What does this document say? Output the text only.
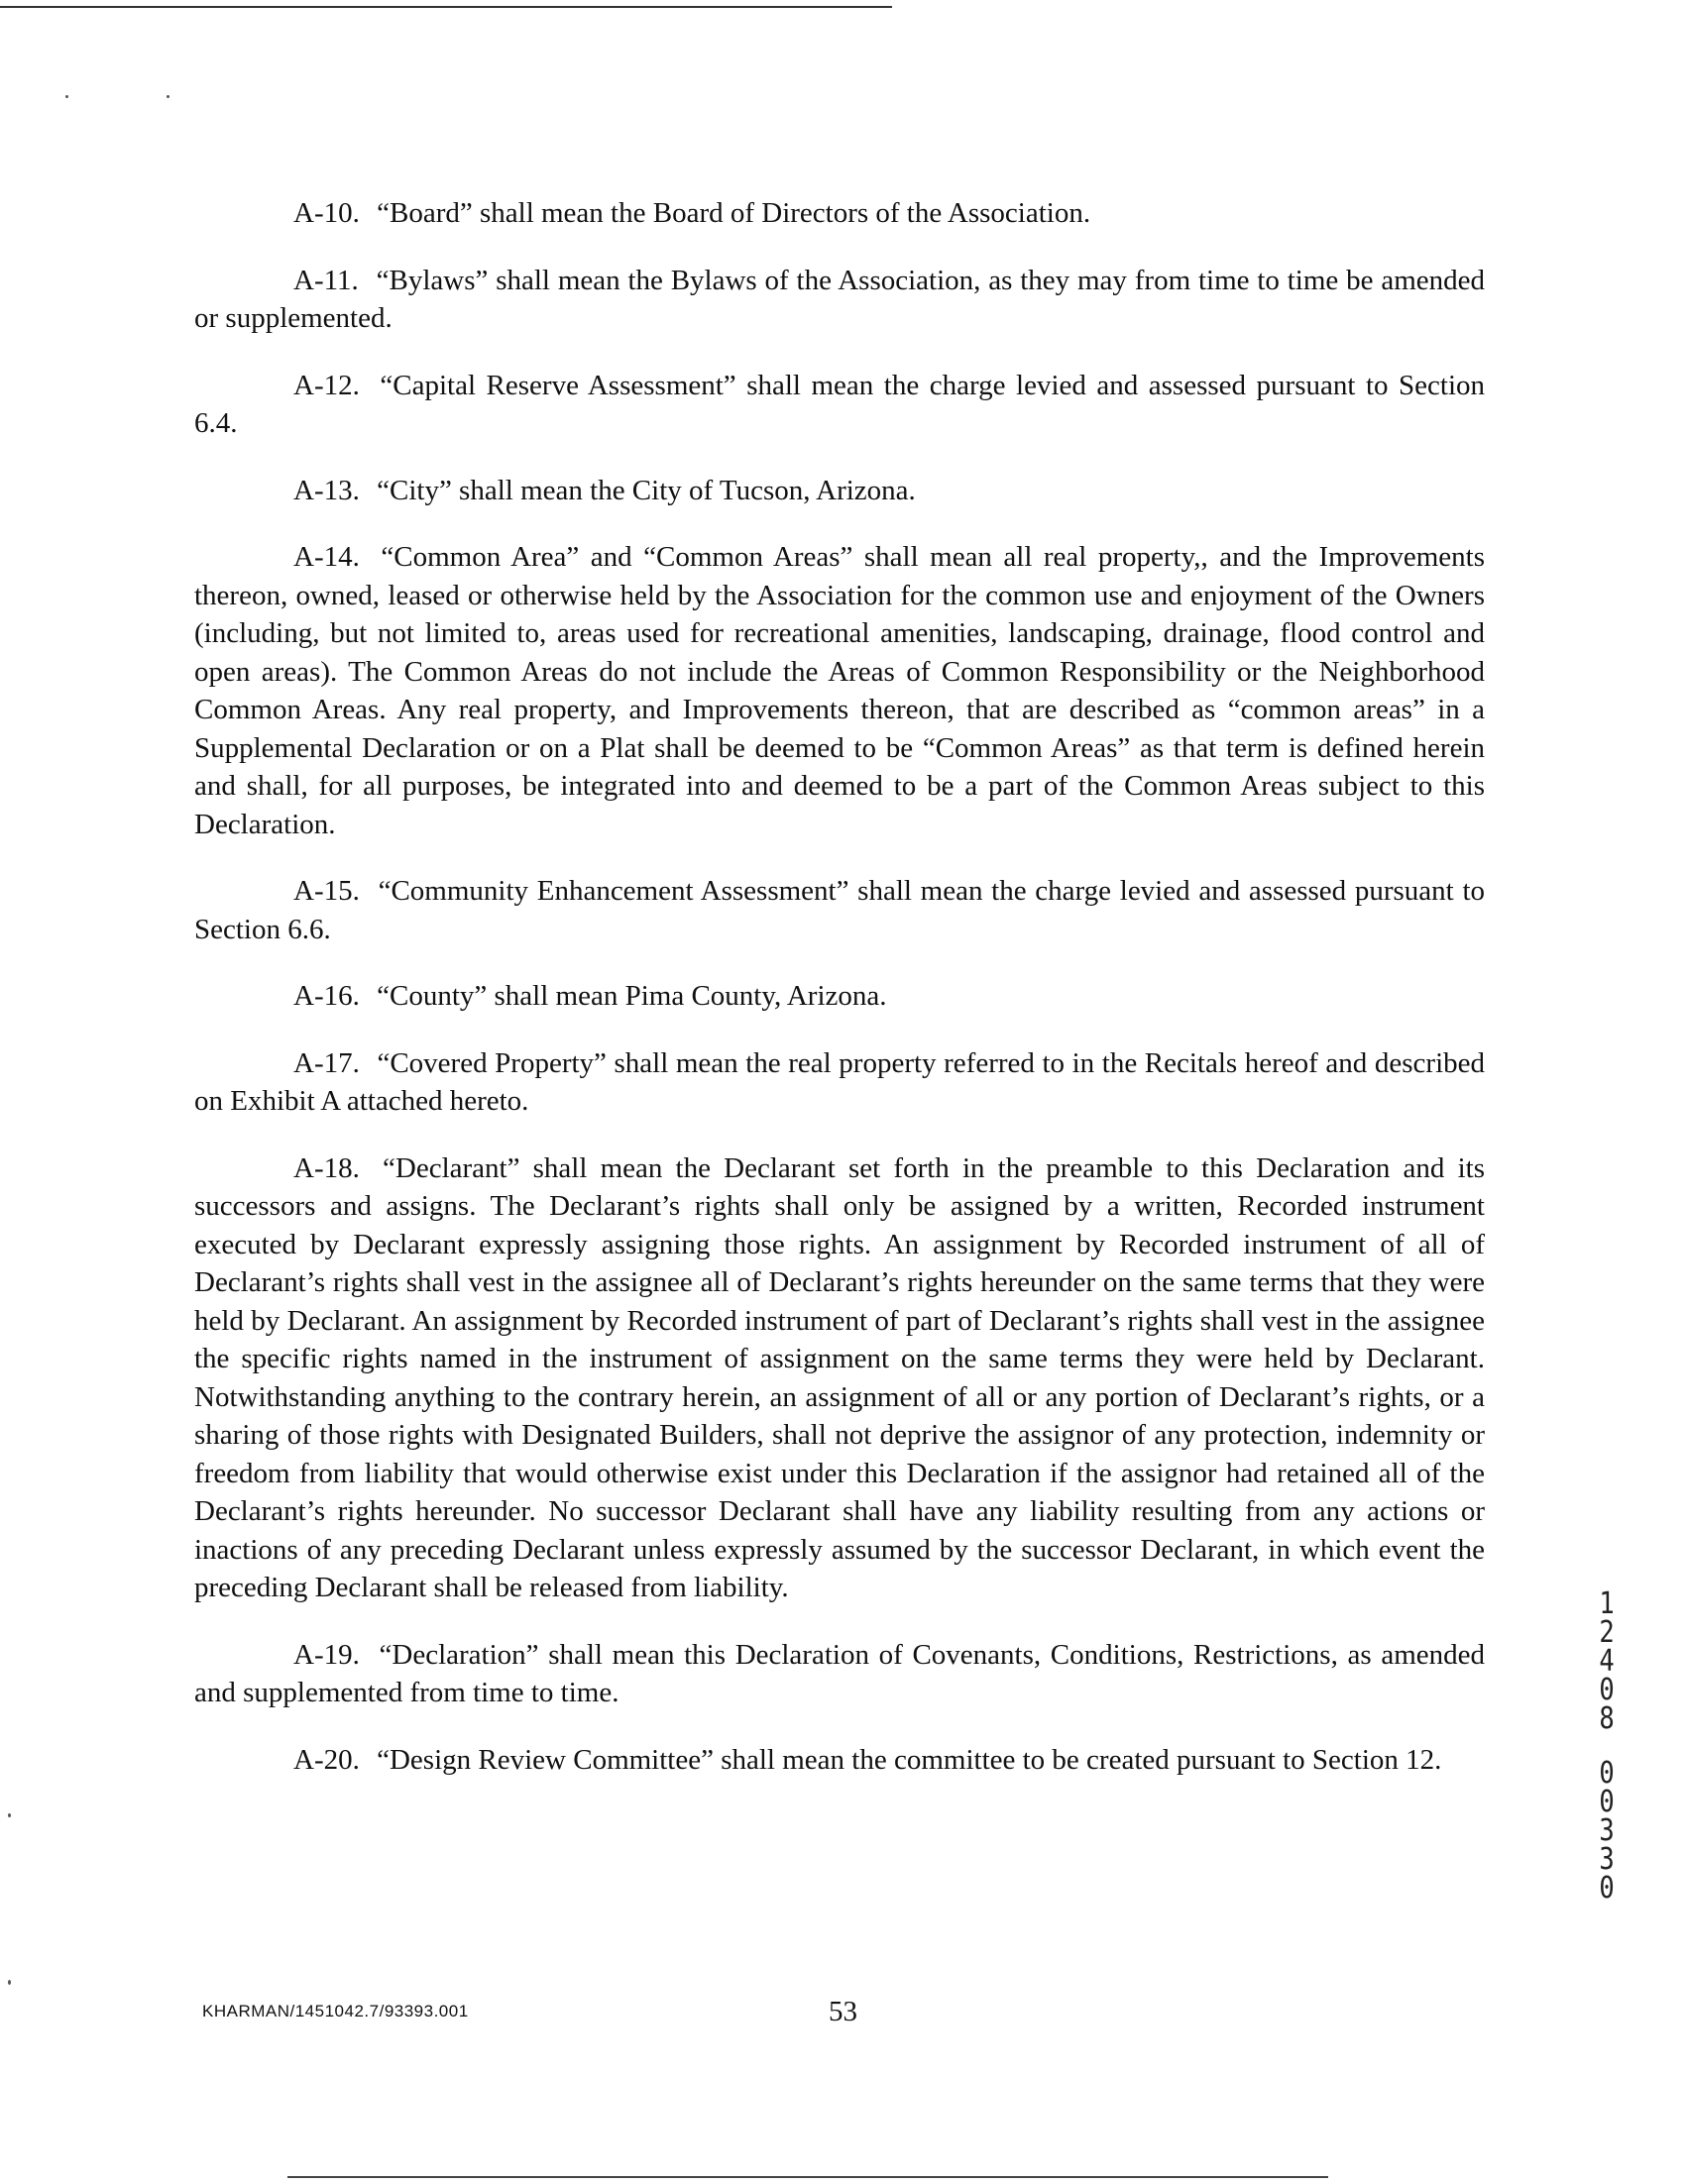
A-10. “Board” shall mean the Board of Directors of the Association.

A-11. “Bylaws” shall mean the Bylaws of the Association, as they may from time to time be amended or supplemented.

A-12. “Capital Reserve Assessment” shall mean the charge levied and assessed pursuant to Section 6.4.

A-13. “City” shall mean the City of Tucson, Arizona.

A-14. “Common Area” and “Common Areas” shall mean all real property,, and the Improvements thereon, owned, leased or otherwise held by the Association for the common use and enjoyment of the Owners (including, but not limited to, areas used for recreational amenities, landscaping, drainage, flood control and open areas). The Common Areas do not include the Areas of Common Responsibility or the Neighborhood Common Areas. Any real property, and Improvements thereon, that are described as “common areas” in a Supplemental Declaration or on a Plat shall be deemed to be “Common Areas” as that term is defined herein and shall, for all purposes, be integrated into and deemed to be a part of the Common Areas subject to this Declaration.

A-15. “Community Enhancement Assessment” shall mean the charge levied and assessed pursuant to Section 6.6.

A-16. “County” shall mean Pima County, Arizona.

A-17. “Covered Property” shall mean the real property referred to in the Recitals hereof and described on Exhibit A attached hereto.

A-18. “Declarant” shall mean the Declarant set forth in the preamble to this Declaration and its successors and assigns. The Declarant’s rights shall only be assigned by a written, Recorded instrument executed by Declarant expressly assigning those rights. An assignment by Recorded instrument of all of Declarant’s rights shall vest in the assignee all of Declarant’s rights hereunder on the same terms that they were held by Declarant. An assignment by Recorded instrument of part of Declarant’s rights shall vest in the assignee the specific rights named in the instrument of assignment on the same terms they were held by Declarant. Notwithstanding anything to the contrary herein, an assignment of all or any portion of Declarant’s rights, or a sharing of those rights with Designated Builders, shall not deprive the assignor of any protection, indemnity or freedom from liability that would otherwise exist under this Declaration if the assignor had retained all of the Declarant’s rights hereunder. No successor Declarant shall have any liability resulting from any actions or inactions of any preceding Declarant unless expressly assumed by the successor Declarant, in which event the preceding Declarant shall be released from liability.

A-19. “Declaration” shall mean this Declaration of Covenants, Conditions, Restrictions, as amended and supplemented from time to time.

A-20. “Design Review Committee” shall mean the committee to be created pursuant to Section 12.

KHARMAN/1451042.7/93393.001	53
1
2
4
0
8
0
0
3
3
0
